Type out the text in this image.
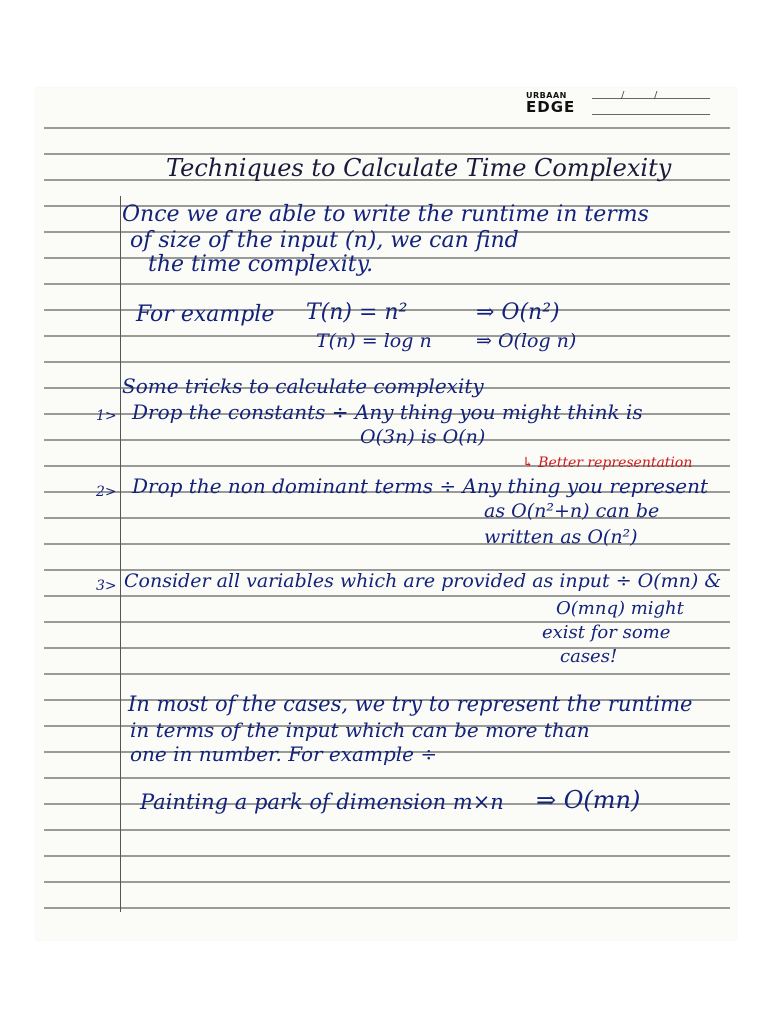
URBAAN
EDGE
/	/
Techniques to Calculate Time Complexity
Once we are able to write the runtime in terms
of size of the input (n), we can find
the time complexity.
For example T(n) = n²	⇒ O(n²)
T(n) = log n ⇒ O(log n)
Some tricks to calculate complexity
1> Drop the constants ÷ Any thing you might think is
O(3n) is O(n)
↳ Better representation
2> Drop the non dominant terms ÷ Any thing you represent
as O(n²+n) can be
written as O(n²)
3> Consider all variables which are provided as input ÷ O(mn) &
O(mnq) might
exist for some
cases!
In most of the cases, we try to represent the runtime
in terms of the input which can be more than
one in number. For example ÷
Painting a park of dimension m×n ⇒ O(mn)
